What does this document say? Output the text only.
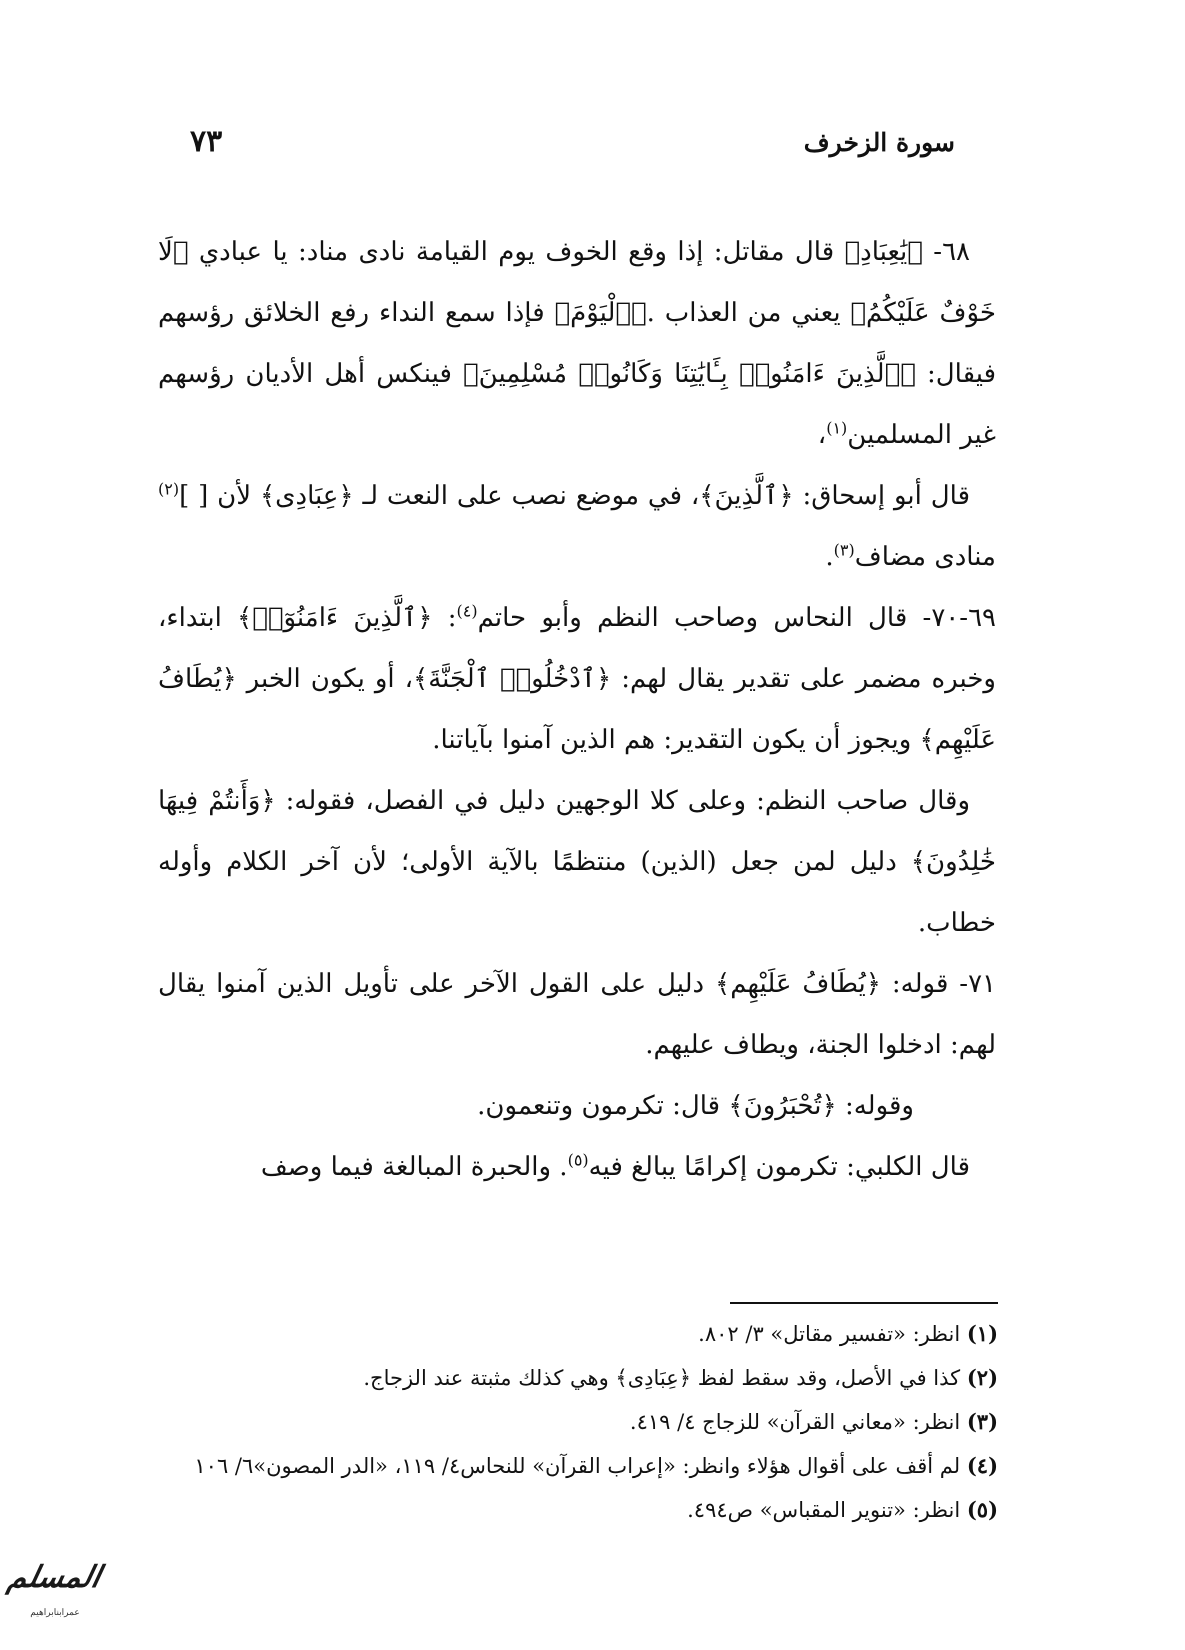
سورة الزخرف
٧٣

٦٨- ﴿يَٰعِبَادِ﴾ قال مقاتل: إذا وقع الخوف يوم القيامة نادى مناد: يا عبادي ﴿لَا خَوْفٌ عَلَيْكُمُ﴾ يعني من العذاب .﴿ٱلْيَوْمَ﴾ فإذا سمع النداء رفع الخلائق رؤسهم فيقال: ﴿ٱلَّذِينَ ءَامَنُوا۟ بِـَٔايَٰتِنَا وَكَانُوا۟ مُسْلِمِينَ﴾ فينكس أهل الأديان رؤسهم غير المسلمين$^{(١)}$،

قال أبو إسحاق: ﴿ٱلَّذِينَ﴾، في موضع نصب على النعت لـ ﴿عِبَادِى﴾ لأن [ ]$^{(٢)}$ منادى مضاف$^{(٣)}$.

٦٩-٧٠- قال النحاس وصاحب النظم وأبو حاتم$^{(٤)}$: ﴿ٱلَّذِينَ ءَامَنُوٓا۟﴾ ابتداء، وخبره مضمر على تقدير يقال لهم: ﴿ٱدْخُلُوا۟ ٱلْجَنَّةَ﴾، أو يكون الخبر ﴿يُطَافُ عَلَيْهِم﴾ ويجوز أن يكون التقدير: هم الذين آمنوا بآياتنا.

وقال صاحب النظم: وعلى كلا الوجهين دليل في الفصل، فقوله: ﴿وَأَنتُمْ فِيهَا خَٰلِدُونَ﴾ دليل لمن جعل (الذين) منتظمًا بالآية الأولى؛ لأن آخر الكلام وأوله خطاب.

٧١- قوله: ﴿يُطَافُ عَلَيْهِم﴾ دليل على القول الآخر على تأويل الذين آمنوا يقال لهم: ادخلوا الجنة، ويطاف عليهم.

وقوله: ﴿تُحْبَرُونَ﴾ قال: تكرمون وتنعمون.

قال الكلبي: تكرمون إكرامًا يبالغ فيه$^{(٥)}$. والحبرة المبالغة فيما وصف

(١) انظر: «تفسير مقاتل» ٣/ ٨٠٢.

(٢) كذا في الأصل، وقد سقط لفظ ﴿عِبَادِى﴾ وهي كذلك مثبتة عند الزجاج.

(٣) انظر: «معاني القرآن» للزجاج ٤/ ٤١٩.

(٤) لم أقف على أقوال هؤلاء وانظر: «إعراب القرآن» للنحاس٤/ ١١٩، «الدر المصون»٦/ ١٠٦

(٥) انظر: «تنوير المقباس» ص٤٩٤.

المسلم
عمرابنابراهيم
